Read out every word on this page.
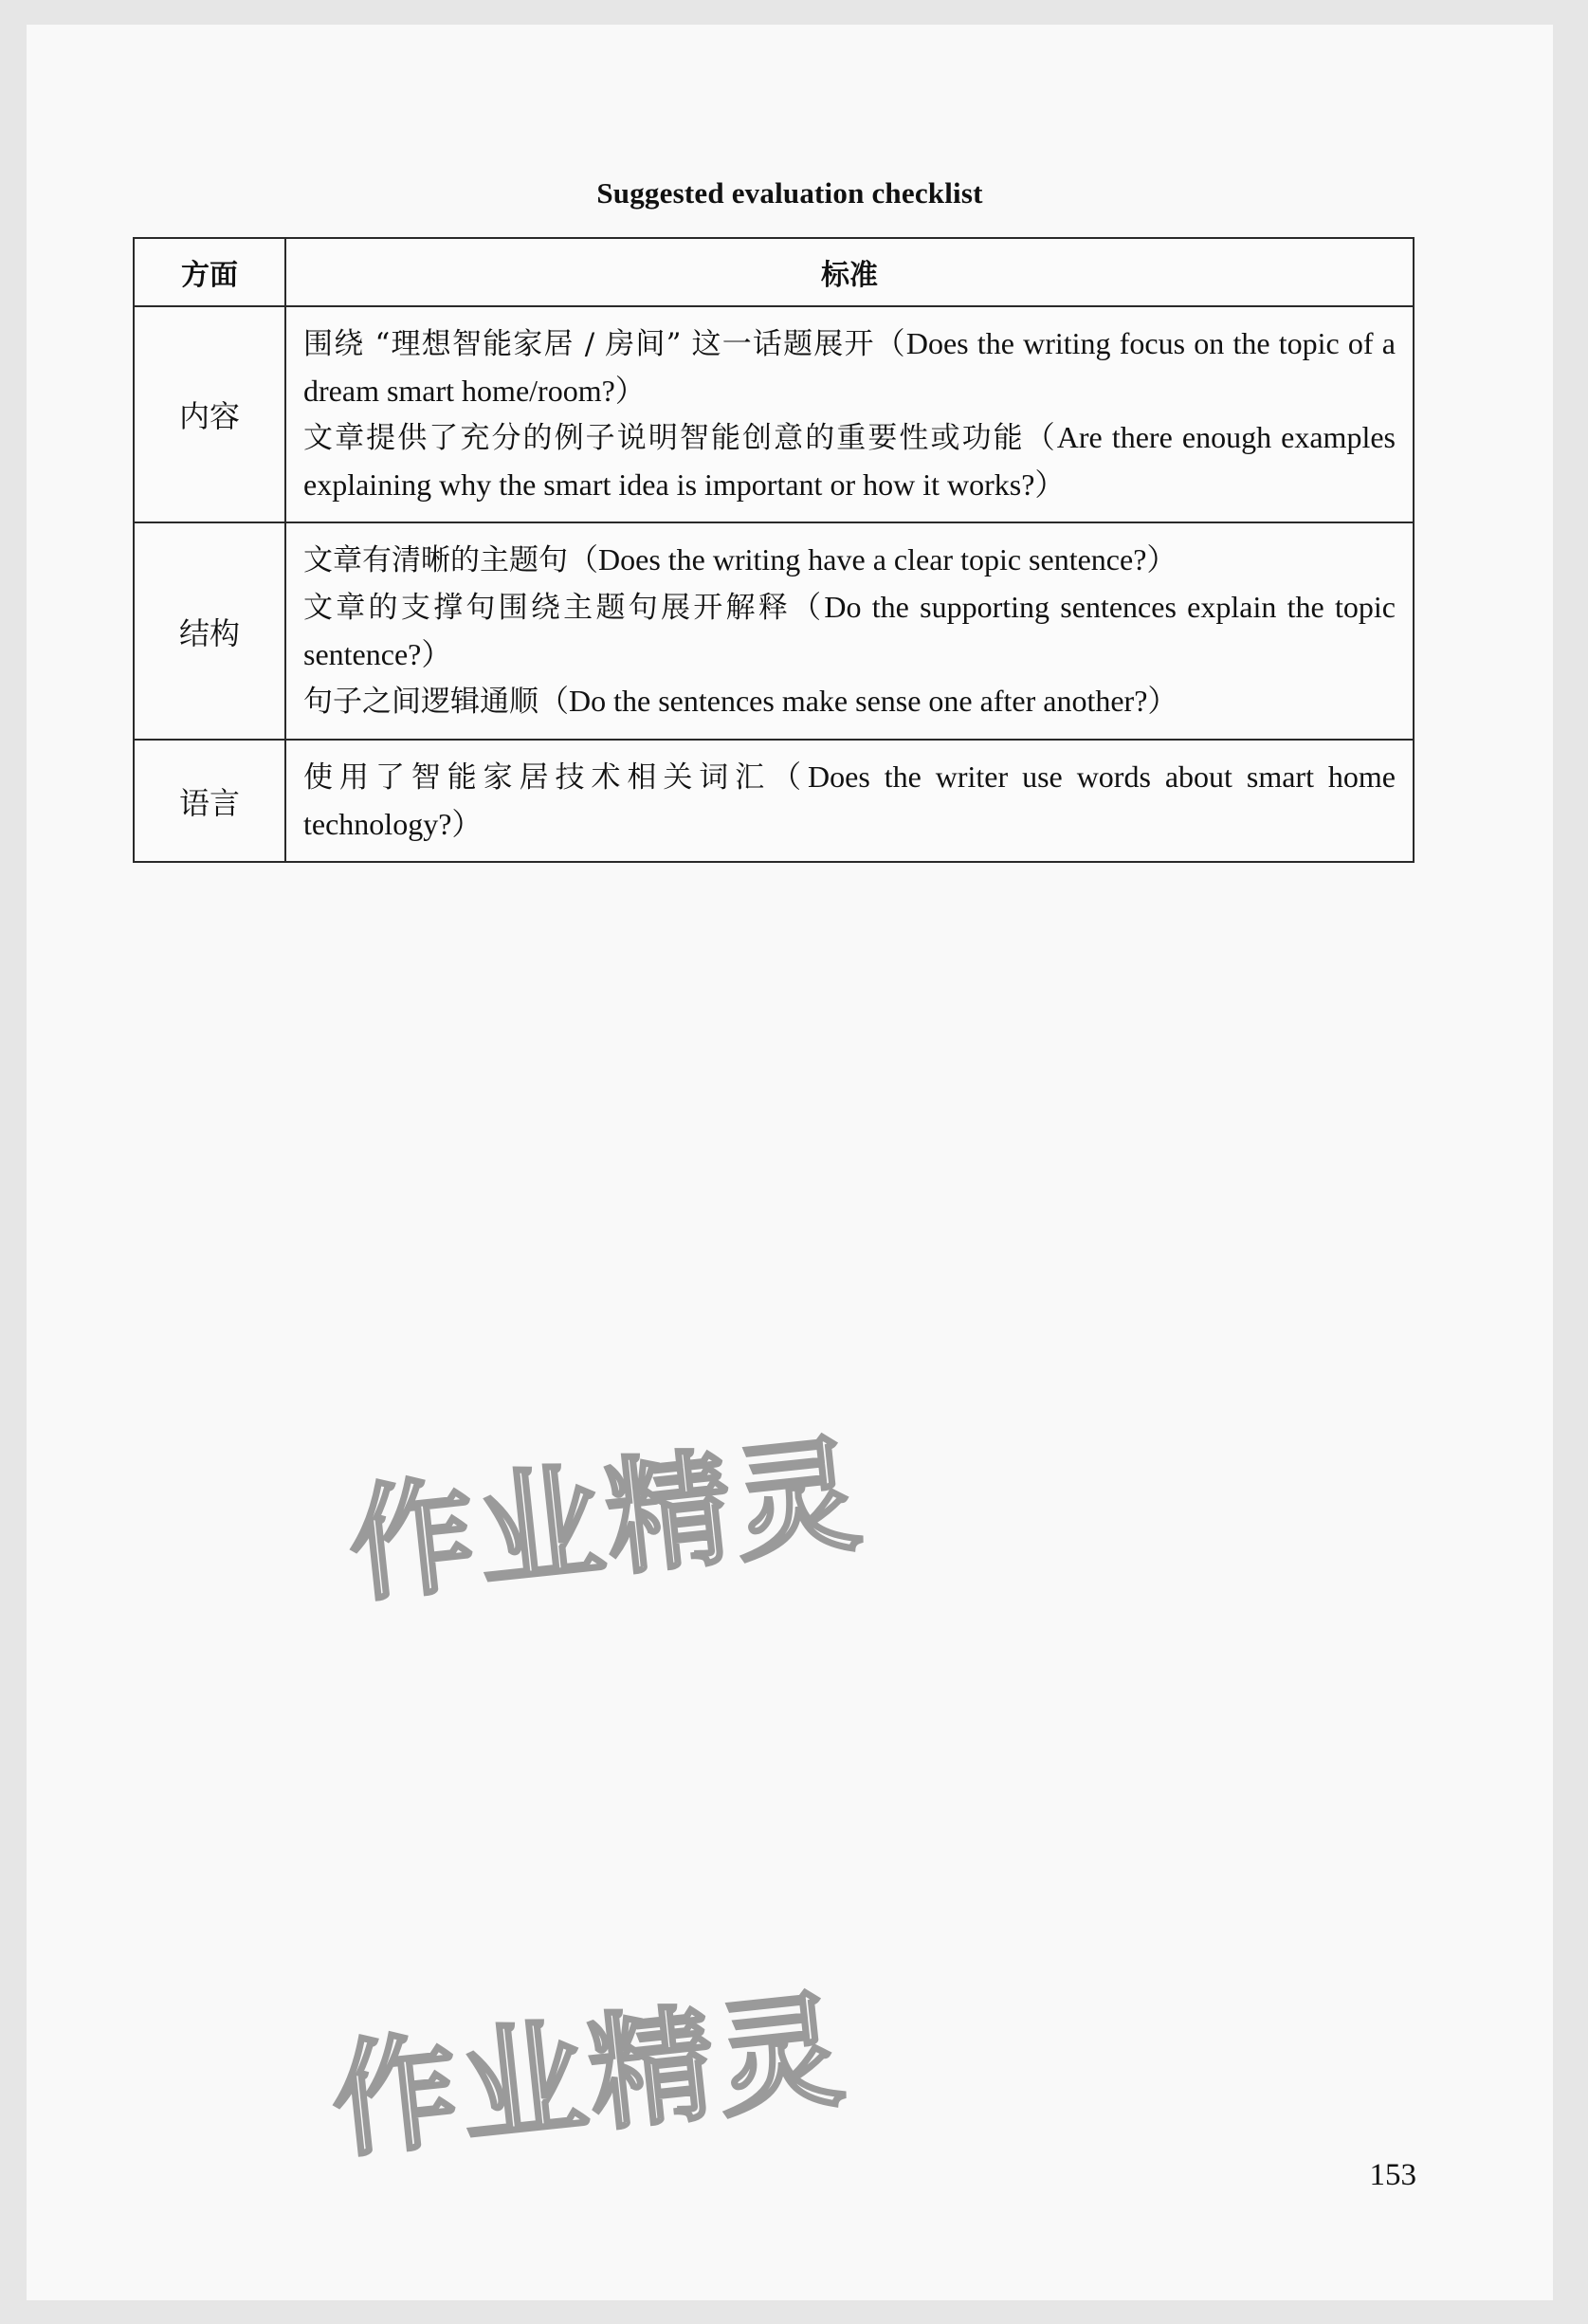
Suggested evaluation checklist
方面	标准
内容	围绕 “理想智能家居 / 房间” 这一话题展开（Does the writing focus on the topic of a dream smart home/room?）
文章提供了充分的例子说明智能创意的重要性或功能（Are there enough examples explaining why the smart idea is important or how it works?）

结构	文章有清晰的主题句（Does the writing have a clear topic sentence?）
文章的支撑句围绕主题句展开解释（Do the supporting sentences explain the topic sentence?）
句子之间逻辑通顺（Do the sentences make sense one after another?）

语言	使用了智能家居技术相关词汇（Does the writer use words about smart home technology?）
作业精灵
作业精灵	153
